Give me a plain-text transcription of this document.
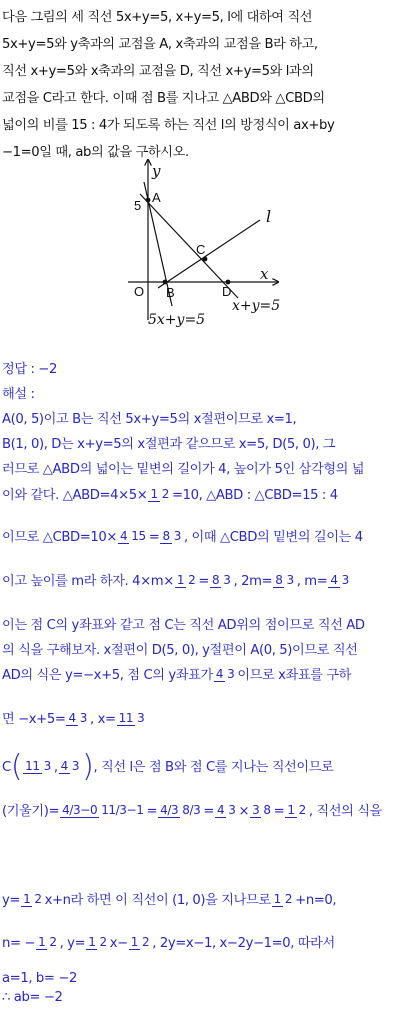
다음 그림의 세 직선 5x+y=5, x+y=5, l에 대하여 직선

5x+y=5와 y축과의 교점을 A, x축과의 교점을 B라 하고,

직선 x+y=5와 x축과의 교점을 D, 직선 x+y=5와 l과의

교점을 C라고 한다. 이때 점 B를 지나고 △ABD와 △CBD의

넓이의 비를 15 : 4가 되도록 하는 직선 l의 방정식이 ax+by

−1=0일 때, ab의 값을 구하시오.

y
x
5
A
C
l
O B	D
x+y=5
5x+y=5
정답 : −2
해설 :
A(0, 5)이고 B는 직선 5x+y=5의 x절편이므로 x=1,
B(1, 0), D는 x+y=5의 x절편과 같으므로 x=5, D(5, 0), 그
러므로 △ABD의 넓이는 밑변의 길이가 4, 높이가 5인 삼각형의 넓
이와 같다. △ABD=4×5× 1 2 =10, △ABD : △CBD=15 : 4
이므로 △CBD=10× 4 15 = 8 3 , 이때 △CBD의 밑변의 길이는 4
이고 높이를 m라 하자. 4×m× 1 2 = 8 3 , 2m= 8 3 , m= 4 3
이는 점 C의 y좌표와 같고 점 C는 직선 AD위의 점이므로 직선 AD
의 식을 구해보자. x절편이 D(5, 0), y절편이 A(0, 5)이므로 직선
AD의 식은 y=−x+5, 점 C의 y좌표가 4 3 이므로 x좌표를 구하
면 −x+5= 4 3 , x= 11 3
C( 11 3 ,4 3 ), 직선 l은 점 B와 점 C를 지나는 직선이므로
(기울기)= 4/3−0 11/3−1 = 4/3 8/3 = 4 3 × 3 8 = 1 2 , 직선의 식을
y= 1 2 x+n라 하면 이 직선이 (1, 0)을 지나므로 1 2 +n=0,
n= − 1 2 , y= 1 2 x− 1 2 , 2y=x−1, x−2y−1=0, 따라서
a=1, b= −2
∴ ab= −2
